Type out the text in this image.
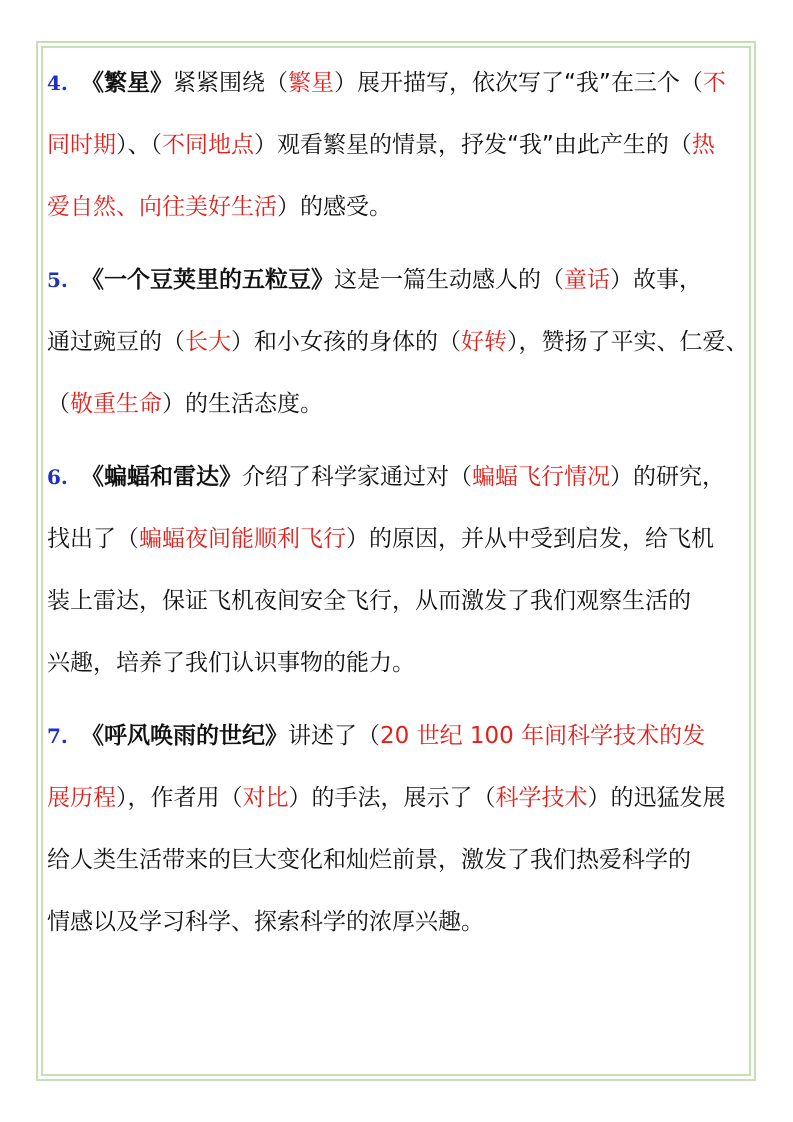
4. 《繁星》紧紧围绕（繁星）展开描写，依次写了“我”在三个（不
同时期）、（不同地点）观看繁星的情景，抒发“我”由此产生的（热
爱自然、向往美好生活）的感受。
5. 《一个豆荚里的五粒豆》这是一篇生动感人的（童话）故事，
通过豌豆的（长大）和小女孩的身体的（好转），赞扬了平实、仁爱、
（敬重生命）的生活态度。
6. 《蝙蝠和雷达》介绍了科学家通过对（蝙蝠飞行情况）的研究，
找出了（蝙蝠夜间能顺利飞行）的原因，并从中受到启发，给飞机
装上雷达，保证飞机夜间安全飞行，从而激发了我们观察生活的
兴趣，培养了我们认识事物的能力。
7. 《呼风唤雨的世纪》讲述了（20 世纪 100 年间科学技术的发
展历程），作者用（对比）的手法，展示了（科学技术）的迅猛发展
给人类生活带来的巨大变化和灿烂前景，激发了我们热爱科学的
情感以及学习科学、探索科学的浓厚兴趣。
